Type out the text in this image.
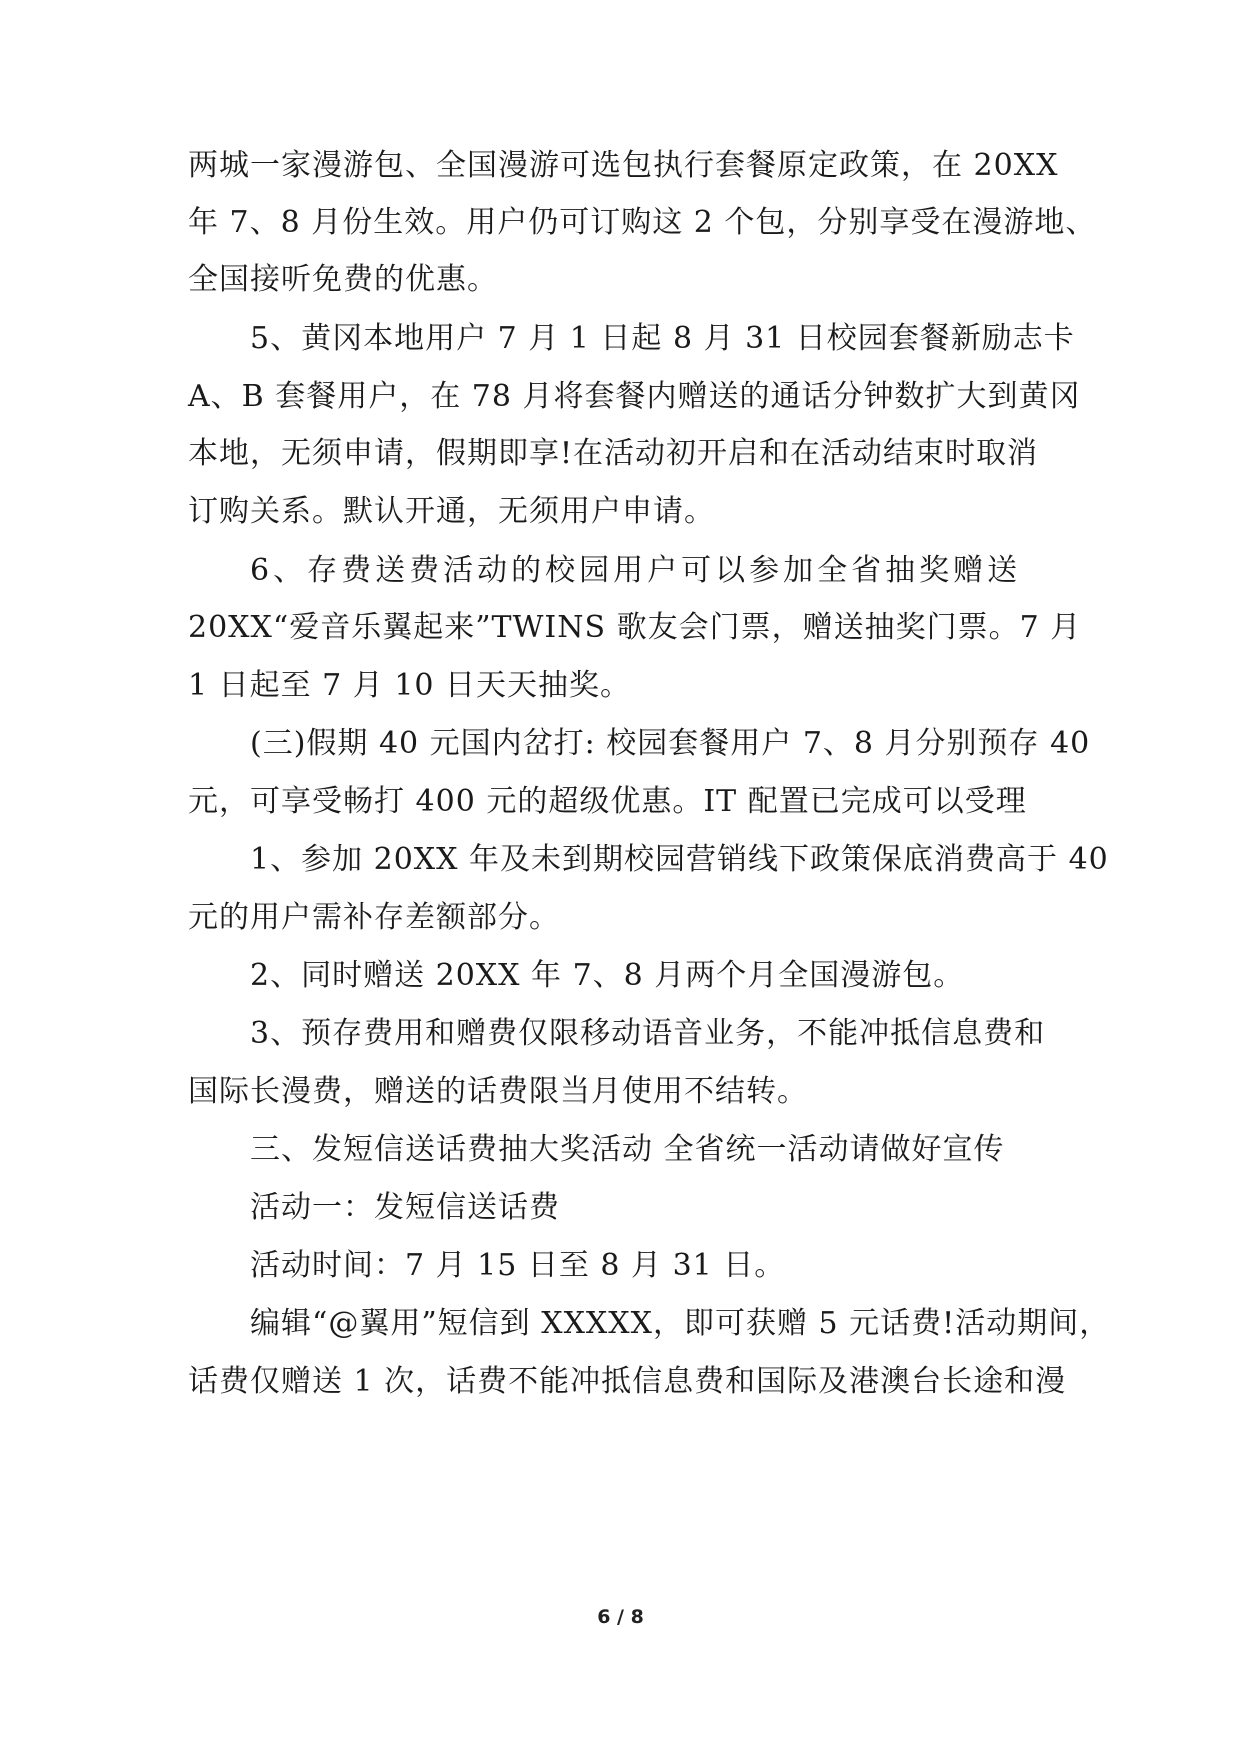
两城一家漫游包、全国漫游可选包执行套餐原定政策，在 20XX
年 7、8 月份生效。用户仍可订购这 2 个包，分别享受在漫游地、
全国接听免费的优惠。
5、黄冈本地用户 7 月 1 日起 8 月 31 日校园套餐新励志卡
A、B 套餐用户，在 78 月将套餐内赠送的通话分钟数扩大到黄冈
本地，无须申请，假期即享!在活动初开启和在活动结束时取消
订购关系。默认开通，无须用户申请。
6、存费送费活动的校园用户可以参加全省抽奖赠送
20XX“爱音乐翼起来”TWINS 歌友会门票，赠送抽奖门票。7 月
1 日起至 7 月 10 日天天抽奖。
(三)假期 40 元国内岔打: 校园套餐用户 7、8 月分别预存 40
元，可享受畅打 400 元的超级优惠。IT 配置已完成可以受理
1、参加 20XX 年及未到期校园营销线下政策保底消费高于 40
元的用户需补存差额部分。
2、同时赠送 20XX 年 7、8 月两个月全国漫游包。
3、预存费用和赠费仅限移动语音业务，不能冲抵信息费和
国际长漫费，赠送的话费限当月使用不结转。
三、发短信送话费抽大奖活动 全省统一活动请做好宣传
活动一：发短信送话费
活动时间：7 月 15 日至 8 月 31 日。
编辑“@翼用”短信到 XXXXX，即可获赠 5 元话费!活动期间，
话费仅赠送 1 次，话费不能冲抵信息费和国际及港澳台长途和漫
6 / 8
